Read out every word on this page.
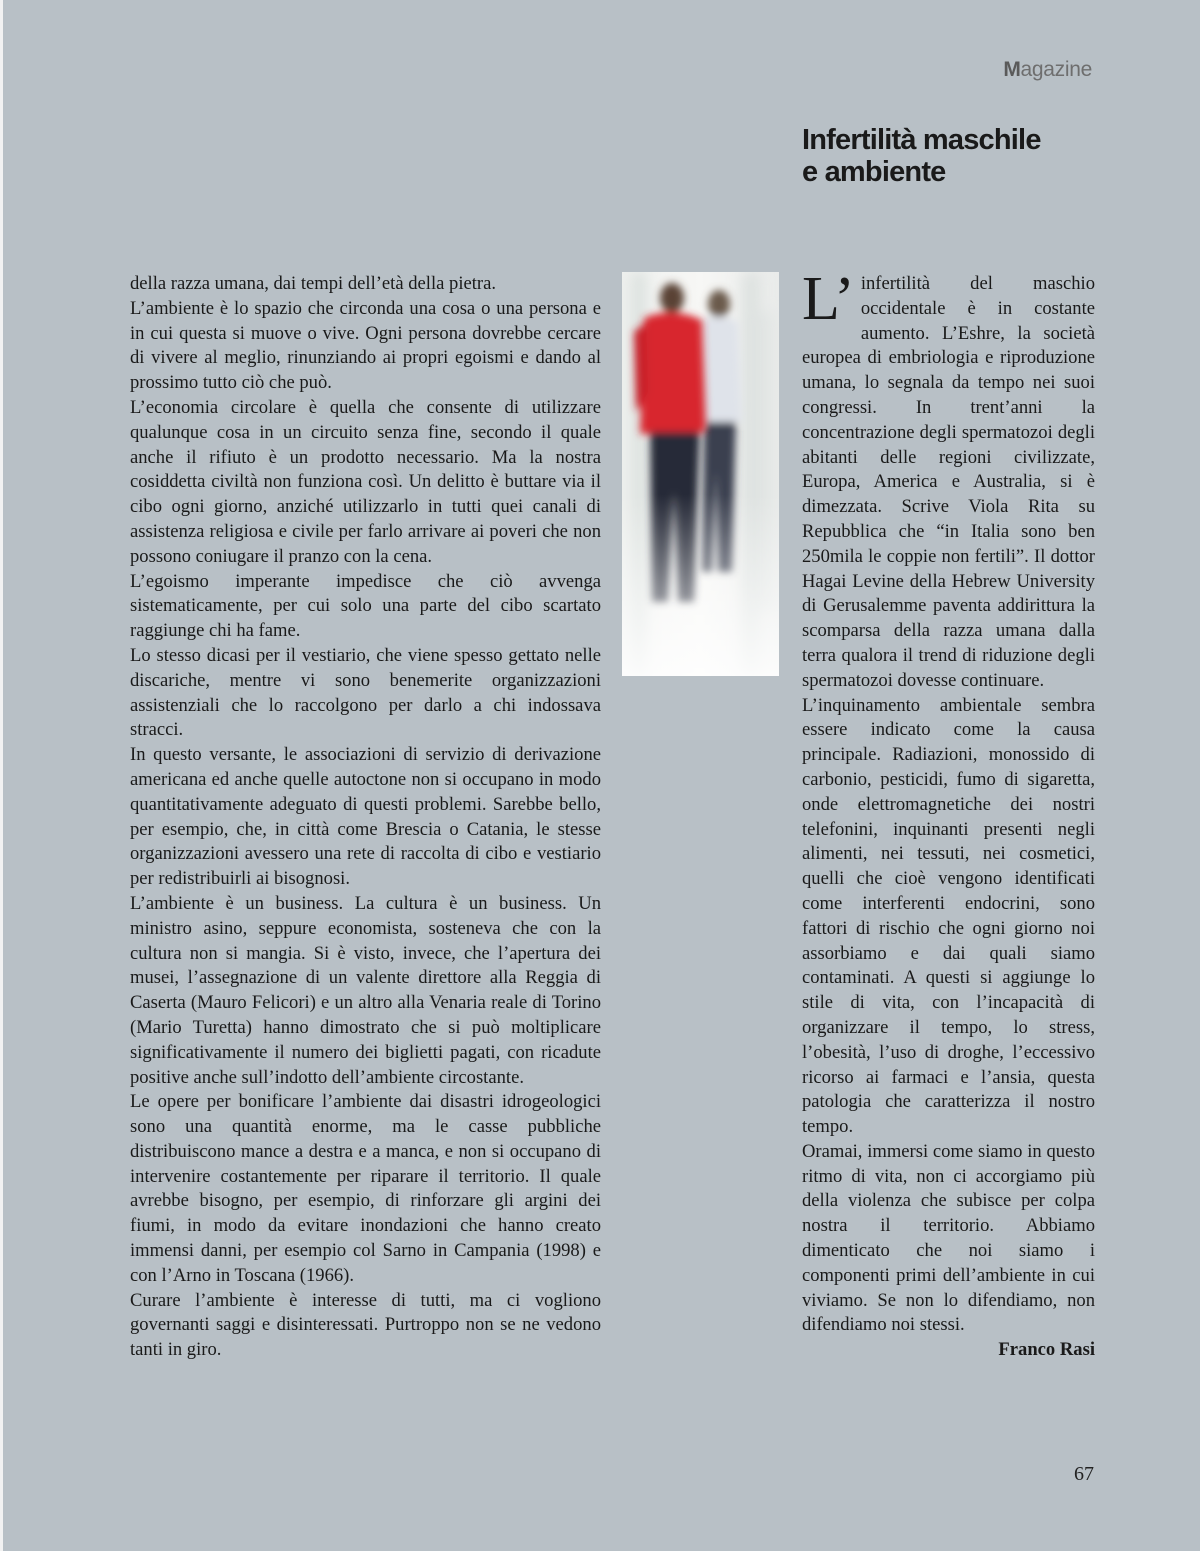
Magazine
Infertilità maschile
e ambiente

della razza umana, dai tempi dell’età della pietra.

L’ambiente è lo spazio che circonda una cosa o una persona e in cui questa si muove o vive. Ogni persona dovrebbe cercare di vivere al meglio, rinunziando ai propri egoismi e dando al prossimo tutto ciò che può.

L’economia circolare è quella che consente di utilizzare qualunque cosa in un circuito senza fine, secondo il quale anche il rifiuto è un prodotto necessario. Ma la nostra cosiddetta civiltà non funziona così. Un delitto è buttare via il cibo ogni giorno, anziché utilizzarlo in tutti quei canali di assistenza religiosa e civile per farlo arrivare ai poveri che non possono coniugare il pranzo con la cena.

L’egoismo imperante impedisce che ciò avvenga sistematicamente, per cui solo una parte del cibo scartato raggiunge chi ha fame.

Lo stesso dicasi per il vestiario, che viene spesso gettato nelle discariche, mentre vi sono benemerite organizzazioni assistenziali che lo raccolgono per darlo a chi indossava stracci.

In questo versante, le associazioni di servizio di derivazione americana ed anche quelle autoctone non si occupano in modo quantitativamente adeguato di questi problemi. Sarebbe bello, per esempio, che, in città come Brescia o Catania, le stesse organizzazioni avessero una rete di raccolta di cibo e vestiario per redistribuirli ai bisognosi.

L’ambiente è un business. La cultura è un business. Un ministro asino, seppure economista, sosteneva che con la cultura non si mangia. Si è visto, invece, che l’apertura dei musei, l’assegnazione di un valente direttore alla Reggia di Caserta (Mauro Felicori) e un altro alla Venaria reale di Torino (Mario Turetta) hanno dimostrato che si può moltiplicare significativamente il numero dei biglietti pagati, con ricadute positive anche sull’indotto dell’ambiente circostante.

Le opere per bonificare l’ambiente dai disastri idrogeologici sono una quantità enorme, ma le casse pubbliche distribuiscono mance a destra e a manca, e non si occupano di intervenire costantemente per riparare il territorio. Il quale avrebbe bisogno, per esempio, di rinforzare gli argini dei fiumi, in modo da evitare inondazioni che hanno creato immensi danni, per esempio col Sarno in Campania (1998) e con l’Arno in Toscana (1966).

Curare l’ambiente è interesse di tutti, ma ci vogliono governanti saggi e disinteressati. Purtroppo non se ne vedono tanti in giro.

L’ infertilità del maschio occidentale è in costante aumento. L’Eshre, la società europea di embriologia e riproduzione umana, lo segnala da tempo nei suoi congressi. In trent’anni la concentrazione degli spermatozoi degli abitanti delle regioni civilizzate, Europa, America e Australia, si è dimezzata. Scrive Viola Rita su Repubblica che “in Italia sono ben 250mila le coppie non fertili”. Il dottor Hagai Levine della Hebrew University di Gerusalemme paventa addirittura la scomparsa della razza umana dalla terra qualora il trend di riduzione degli spermatozoi dovesse continuare.

L’inquinamento ambientale sembra essere indicato come la causa principale. Radiazioni, monossido di carbonio, pesticidi, fumo di sigaretta, onde elettromagnetiche dei nostri telefonini, inquinanti presenti negli alimenti, nei tessuti, nei cosmetici, quelli che cioè vengono identificati come interferenti endocrini, sono fattori di rischio che ogni giorno noi assorbiamo e dai quali siamo contaminati. A questi si aggiunge lo stile di vita, con l’incapacità di organizzare il tempo, lo stress, l’obesità, l’uso di droghe, l’eccessivo ricorso ai farmaci e l’ansia, questa patologia che caratterizza il nostro tempo.

Oramai, immersi come siamo in questo ritmo di vita, non ci accorgiamo più della violenza che subisce per colpa nostra il territorio. Abbiamo dimenticato che noi siamo i componenti primi dell’ambiente in cui viviamo. Se non lo difendiamo, non difendiamo noi stessi.

Franco Rasi

67
